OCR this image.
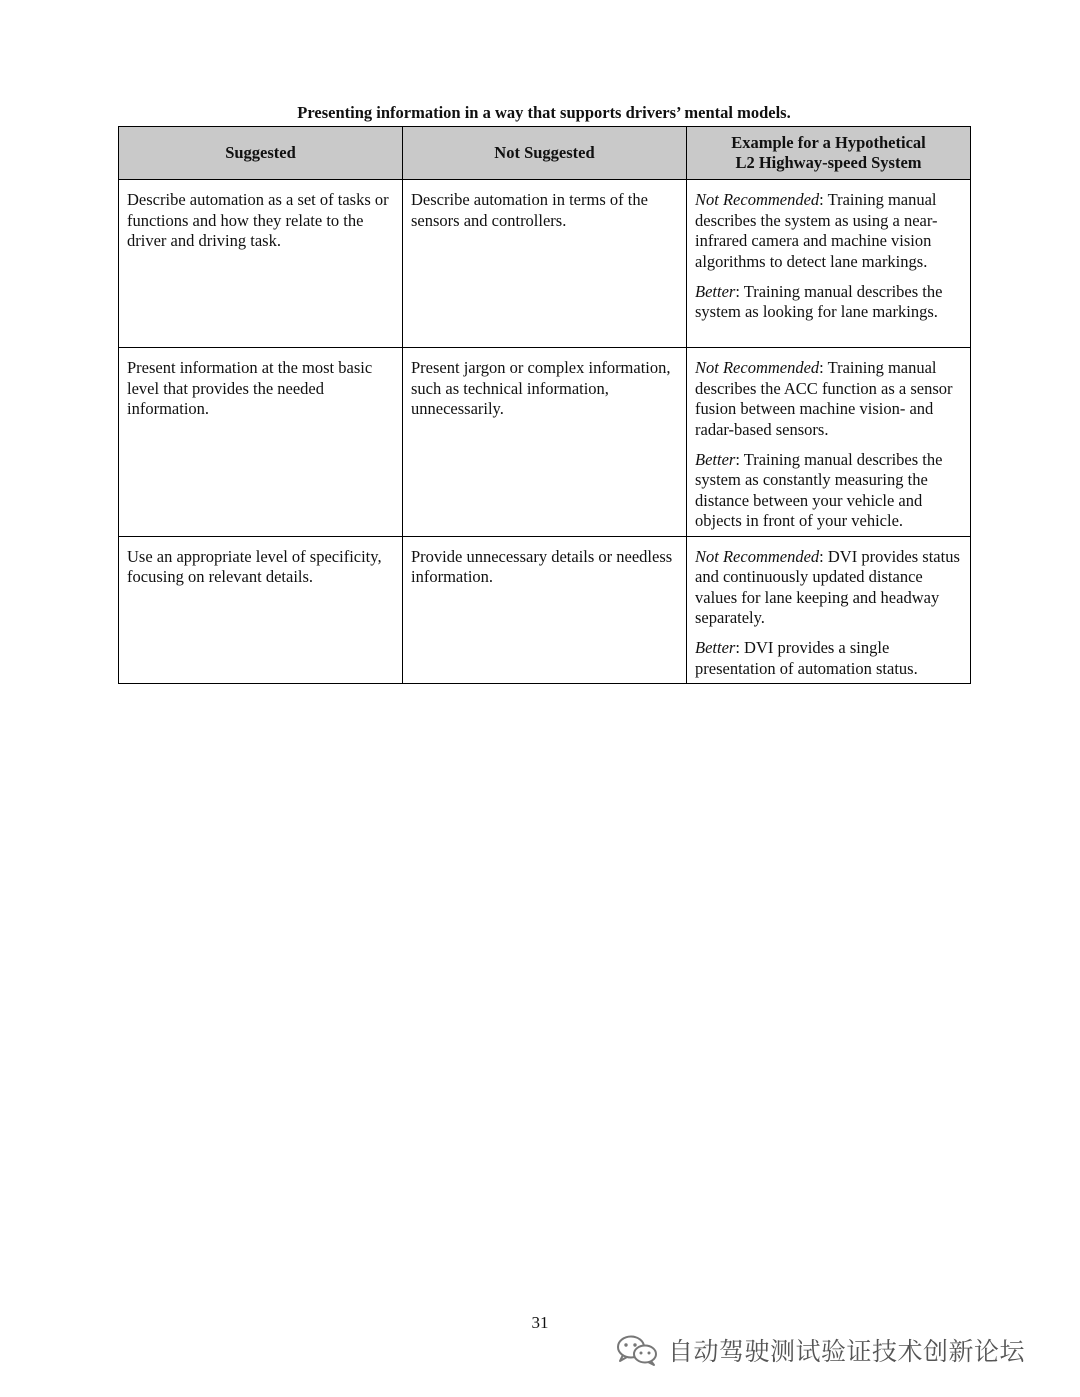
Presenting information in a way that supports drivers’ mental models.
Suggested	Not Suggested	Example for a Hypothetical
L2 Highway-speed System
Describe automation as a set of tasks or functions and how they relate to the driver and driving task.	Describe automation in terms of the sensors and controllers.	Not Recommended: Training manual describes the system as using a near-infrared camera and machine vision algorithms to detect lane markings.

Better: Training manual describes the system as looking for lane markings.

Present information at the most basic level that provides the needed information.	Present jargon or complex information, such as technical information, unnecessarily.	Not Recommended: Training manual describes the ACC function as a sensor fusion between machine vision- and radar-based sensors.

Better: Training manual describes the system as constantly measuring the distance between your vehicle and objects in front of your vehicle.

Use an appropriate level of specificity, focusing on relevant details.	Provide unnecessary details or needless information.	Not Recommended: DVI provides status and continuously updated distance values for lane keeping and headway separately.

Better: DVI provides a single presentation of automation status.

31
自动驾驶测试验证技术创新论坛
